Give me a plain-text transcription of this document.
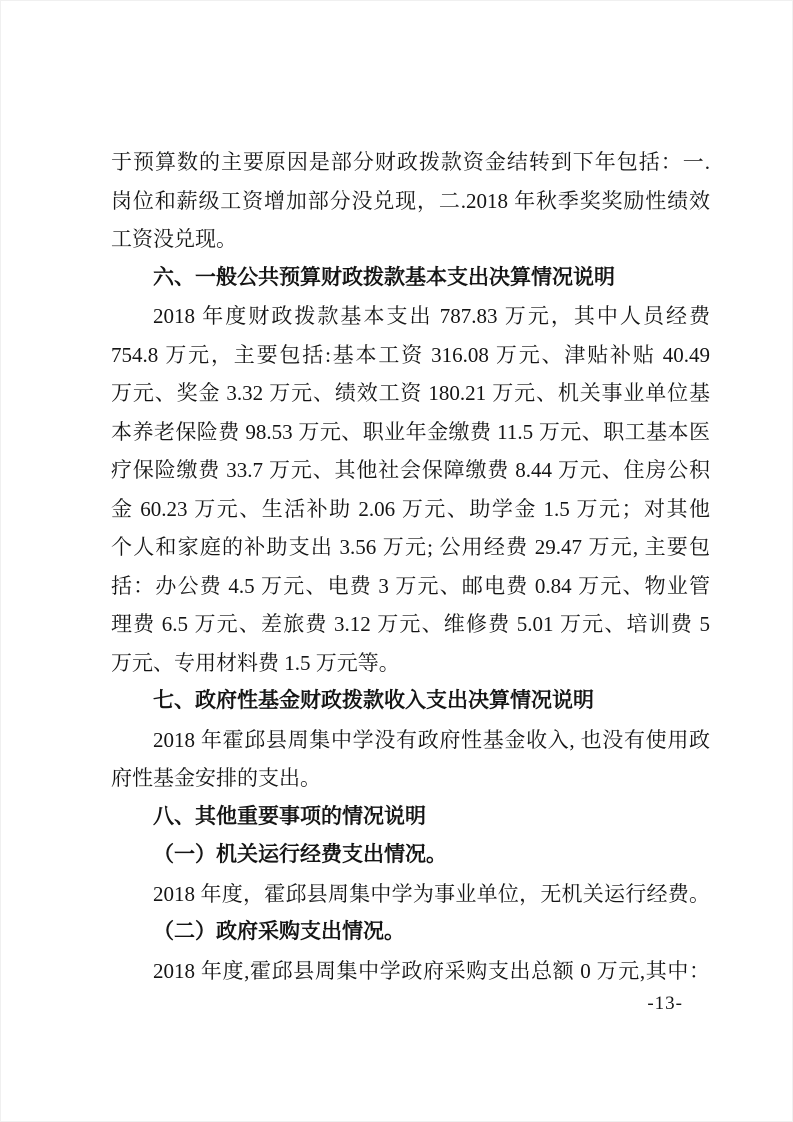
于预算数的主要原因是部分财政拨款资金结转到下年包括：一.
岗位和薪级工资增加部分没兑现，二.2018 年秋季奖奖励性绩效
工资没兑现。
六、一般公共预算财政拨款基本支出决算情况说明
2018 年度财政拨款基本支出 787.83 万元，其中人员经费
754.8 万元，主要包括:基本工资 316.08 万元、津贴补贴 40.49
万元、奖金 3.32 万元、绩效工资 180.21 万元、机关事业单位基
本养老保险费 98.53 万元、职业年金缴费 11.5 万元、职工基本医
疗保险缴费 33.7 万元、其他社会保障缴费 8.44 万元、住房公积
金 60.23 万元、生活补助 2.06 万元、助学金 1.5 万元；对其他
个人和家庭的补助支出 3.56 万元; 公用经费 29.47 万元, 主要包
括：办公费 4.5 万元、电费 3 万元、邮电费 0.84 万元、物业管
理费 6.5 万元、差旅费 3.12 万元、维修费 5.01 万元、培训费 5
万元、专用材料费 1.5 万元等。
七、政府性基金财政拨款收入支出决算情况说明
2018 年霍邱县周集中学没有政府性基金收入, 也没有使用政
府性基金安排的支出。
八、其他重要事项的情况说明
（一）机关运行经费支出情况。
2018 年度，霍邱县周集中学为事业单位，无机关运行经费。
（二）政府采购支出情况。
2018 年度,霍邱县周集中学政府采购支出总额 0 万元,其中：
-13-
